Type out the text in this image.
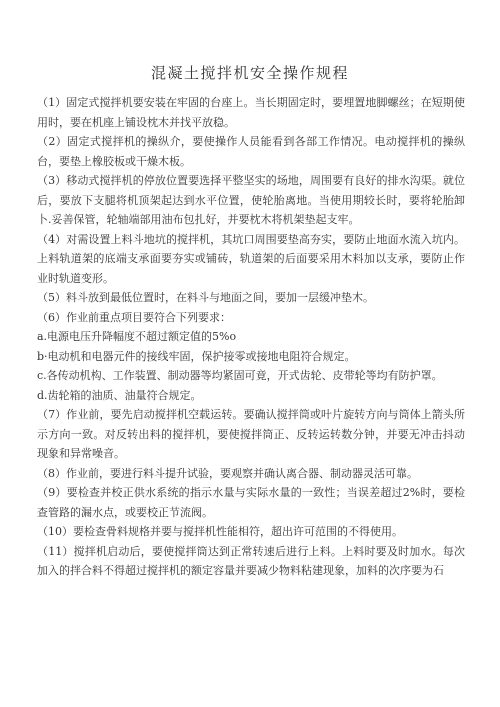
混凝土搅拌机安全操作规程

（1）固定式搅拌机要安装在牢固的台座上。当长期固定时，要埋置地脚螺丝；在短期使用时，要在机座上铺设枕木并找平放稳。

（2）固定式搅拌机的操纵介，要使操作人员能看到各部工作情况。电动搅拌机的操纵台，要垫上橡胶板或干燥木板。

（3）移动式搅拌机的停放位置要选择平整坚实的场地，周围要有良好的排水沟渠。就位后，要放下支腿将机顶架起达到水平位置，使轮胎离地。当使用期较长时，要将轮胎卸卜.妥善保管，轮轴端部用油布包扎好，并要枕木将机架垫起支牢。

（4）对需设置上料斗地坑的搅拌机，其坑口周围要垫高夯实，要防止地面水流入坑内。上料轨道架的底端支承面要夯实或铺砖，轨道架的后面要采用木料加以支承，要防止作业时轨道变形。

（5）料斗放到最低位置时，在料斗与地面之间，要加一层缓冲垫木。

（6）作业前重点项目要符合下列要求：

a.电源电压升降幅度不超过额定值的5%o

b·电动机和电器元件的接线牢固，保护接零或接地电阻符合规定。

c.各传动机构、工作装置、制动器等均紧固可竟，开式齿轮、皮带轮等均有防护罩。

d.齿轮箱的油质、油量符合规定。

（7）作业前，要先启动搅拌机空载运转。要确认搅拌筒或叶片旋转方向与筒体上箭头所示方向一致。对反转出料的搅拌机，要使搅拌筒正、反转运转数分钟，并要无冲击抖动现象和异常噪音。

（8）作业前，要进行料斗提升试验，要观察并确认离合器、制动器灵活可靠。

（9）要检查并校正供水系统的指示水量与实际水量的一致性；当误差超过2%时，要检查管路的漏水点，或要校正节流阀。

（10）要检查骨料规格并要与搅拌机性能相符，超出许可范围的不得使用。

（11）搅拌机启动后，要使搅拌筒达到正常转速后进行上料。上料时要及时加水。每次加入的拌合料不得超过搅拌机的额定容量并要减少物料粘建现象，加料的次序要为石
